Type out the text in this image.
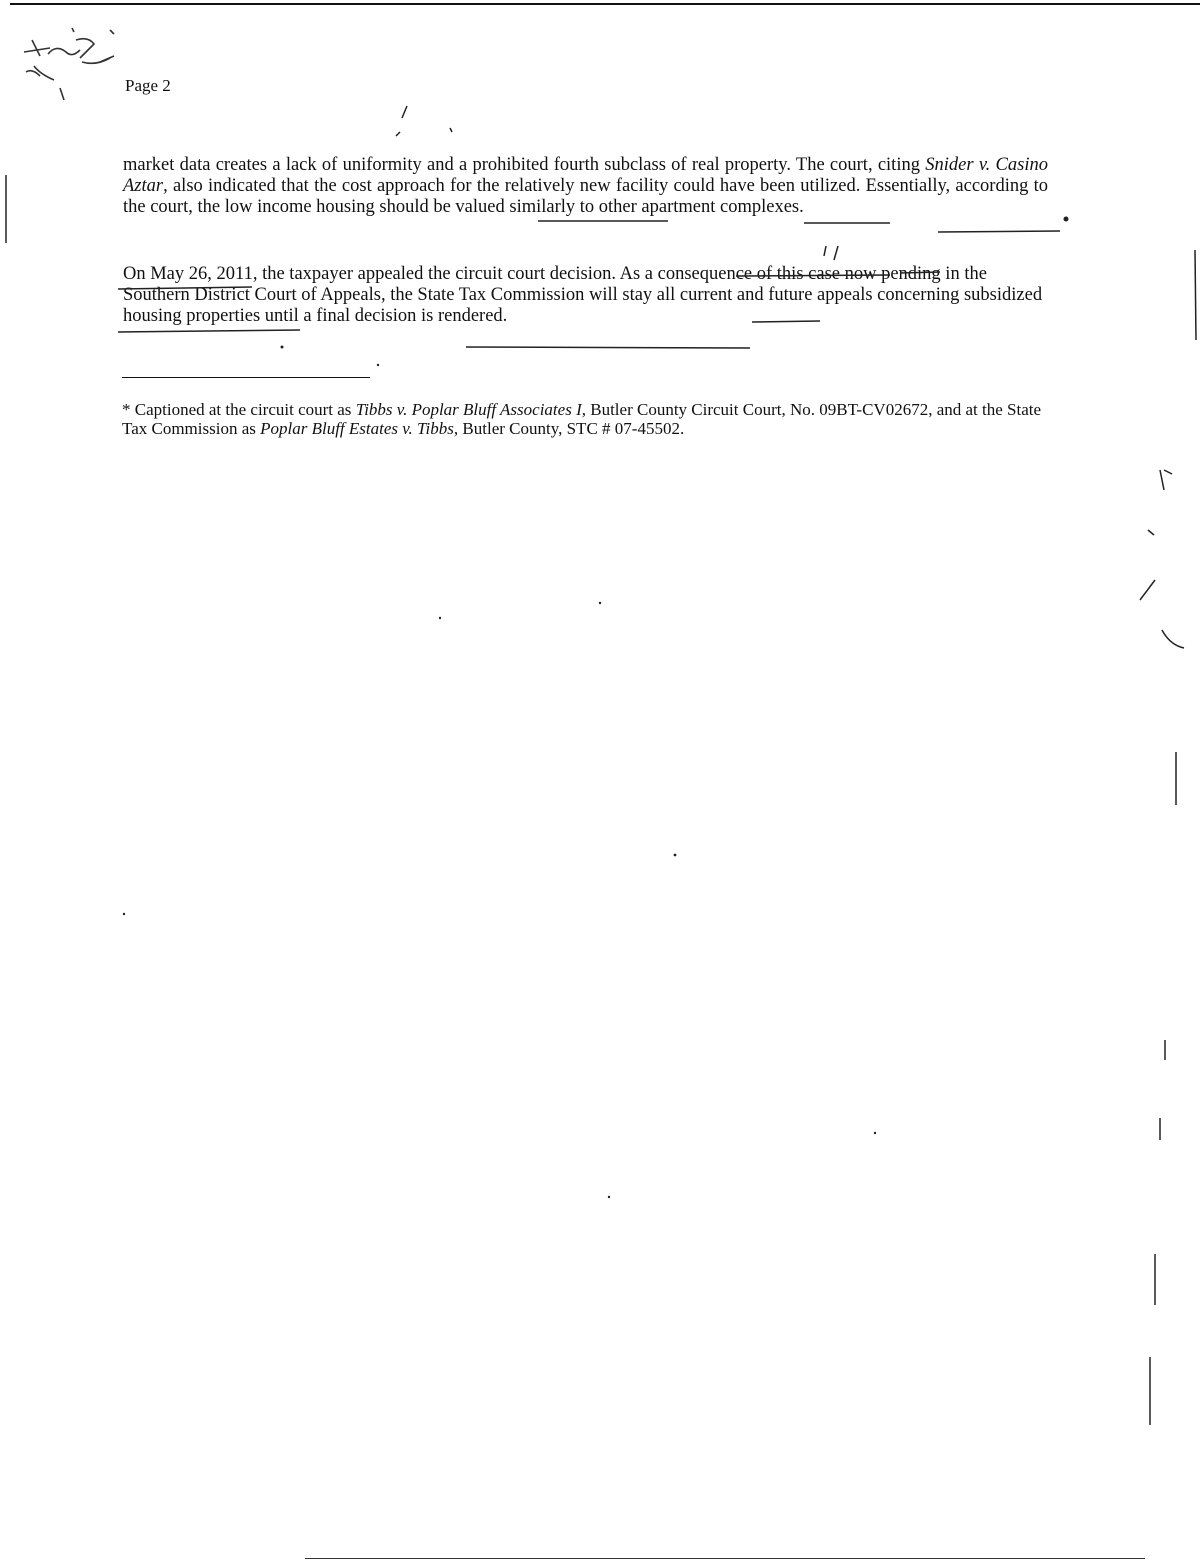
Page 2
market data creates a lack of uniformity and a prohibited fourth subclass of real property. The court, citing Snider v. Casino Aztar, also indicated that the cost approach for the relatively new facility could have been utilized. Essentially, according to the court, the low income housing should be valued similarly to other apartment complexes.
On May 26, 2011, the taxpayer appealed the circuit court decision. As a consequence of this case now pending in the Southern District Court of Appeals, the State Tax Commission will stay all current and future appeals concerning subsidized housing properties until a final decision is rendered.
* Captioned at the circuit court as Tibbs v. Poplar Bluff Associates I, Butler County Circuit Court, No. 09BT-CV02672, and at the State Tax Commission as Poplar Bluff Estates v. Tibbs, Butler County, STC # 07-45502.
